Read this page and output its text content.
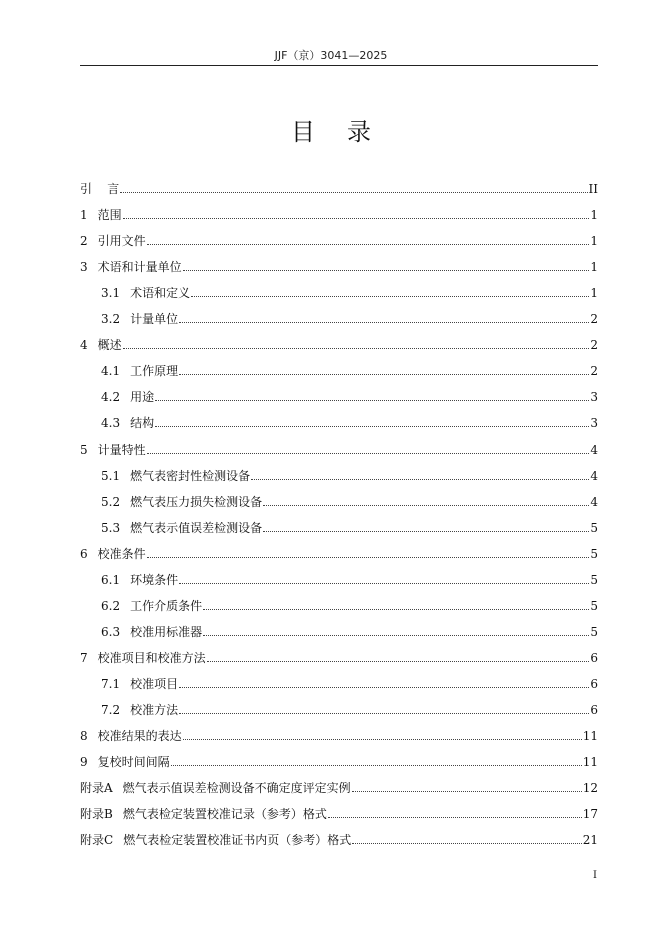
JJF（京）3041—2025
目录
引    言	II
1 范围	1
2 引用文件	1
3 术语和计量单位	1
3.1 术语和定义	1
3.2 计量单位	2
4 概述	2
4.1 工作原理	2
4.2 用途	3
4.3 结构	3
5 计量特性	4
5.1 燃气表密封性检测设备	4
5.2 燃气表压力损失检测设备	4
5.3 燃气表示值误差检测设备	5
6 校准条件	5
6.1 环境条件	5
6.2 工作介质条件	5
6.3 校准用标准器	5
7 校准项目和校准方法	6
7.1 校准项目	6
7.2 校准方法	6
8 校准结果的表达	11
9 复校时间间隔	11
附录A 燃气表示值误差检测设备不确定度评定实例	12
附录B 燃气表检定装置校准记录（参考）格式	17
附录C 燃气表检定装置校准证书内页（参考）格式	21
I
